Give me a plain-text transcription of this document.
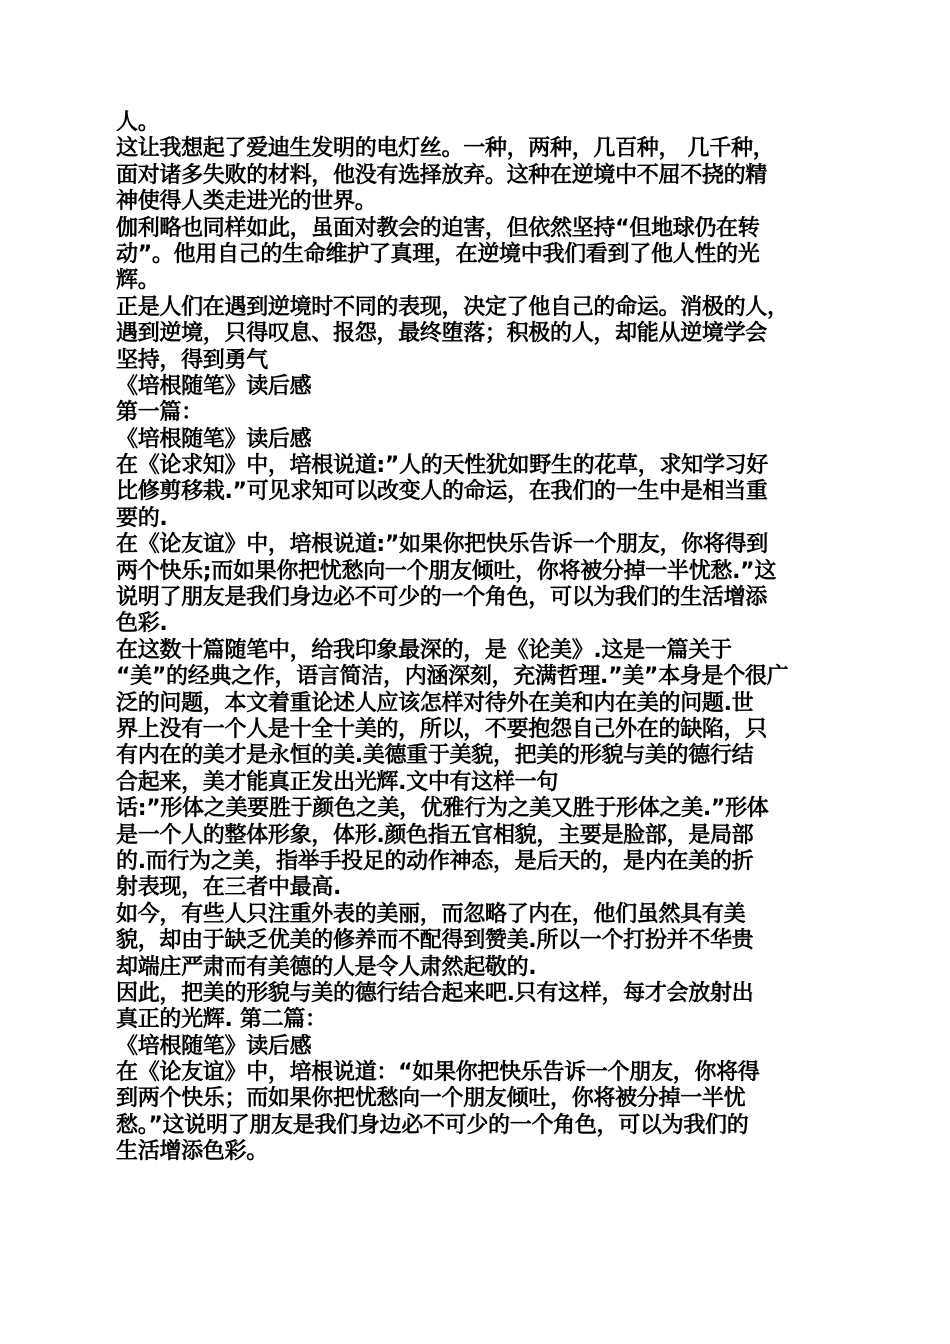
人。
这让我想起了爱迪生发明的电灯丝。一种，两种，几百种， 几千种，
面对诸多失败的材料，他没有选择放弃。这种在逆境中不屈不挠的精
神使得人类走进光的世界。
伽利略也同样如此，虽面对教会的迫害，但依然坚持“但地球仍在转
动”。他用自己的生命维护了真理，在逆境中我们看到了他人性的光
辉。
正是人们在遇到逆境时不同的表现，决定了他自己的命运。消极的人，
遇到逆境，只得叹息、报怨，最终堕落；积极的人，却能从逆境学会
坚持，得到勇气
《培根随笔》读后感
第一篇：
《培根随笔》读后感
在《论求知》中，培根说道:”人的天性犹如野生的花草，求知学习好
比修剪移栽.”可见求知可以改变人的命运，在我们的一生中是相当重
要的.
在《论友谊》中，培根说道:”如果你把快乐告诉一个朋友，你将得到
两个快乐;而如果你把忧愁向一个朋友倾吐，你将被分掉一半忧愁.”这
说明了朋友是我们身边必不可少的一个角色，可以为我们的生活增添
色彩.
在这数十篇随笔中，给我印象最深的，是《论美》.这是一篇关于
“美”的经典之作，语言简洁，内涵深刻，充满哲理.”美”本身是个很广
泛的问题，本文着重论述人应该怎样对待外在美和内在美的问题.世
界上没有一个人是十全十美的，所以，不要抱怨自己外在的缺陷，只
有内在的美才是永恒的美.美德重于美貌，把美的形貌与美的德行结
合起来，美才能真正发出光辉.文中有这样一句
话:”形体之美要胜于颜色之美，优雅行为之美又胜于形体之美.”形体
是一个人的整体形象，体形.颜色指五官相貌，主要是脸部，是局部
的.而行为之美，指举手投足的动作神态，是后天的，是内在美的折
射表现，在三者中最高.
如今，有些人只注重外表的美丽，而忽略了内在，他们虽然具有美
貌，却由于缺乏优美的修养而不配得到赞美.所以一个打扮并不华贵
却端庄严肃而有美德的人是令人肃然起敬的.
因此，把美的形貌与美的德行结合起来吧.只有这样，每才会放射出
真正的光辉. 第二篇：
《培根随笔》读后感
在《论友谊》中，培根说道：“如果你把快乐告诉一个朋友，你将得
到两个快乐；而如果你把忧愁向一个朋友倾吐，你将被分掉一半忧
愁。”这说明了朋友是我们身边必不可少的一个角色，可以为我们的
生活增添色彩。
